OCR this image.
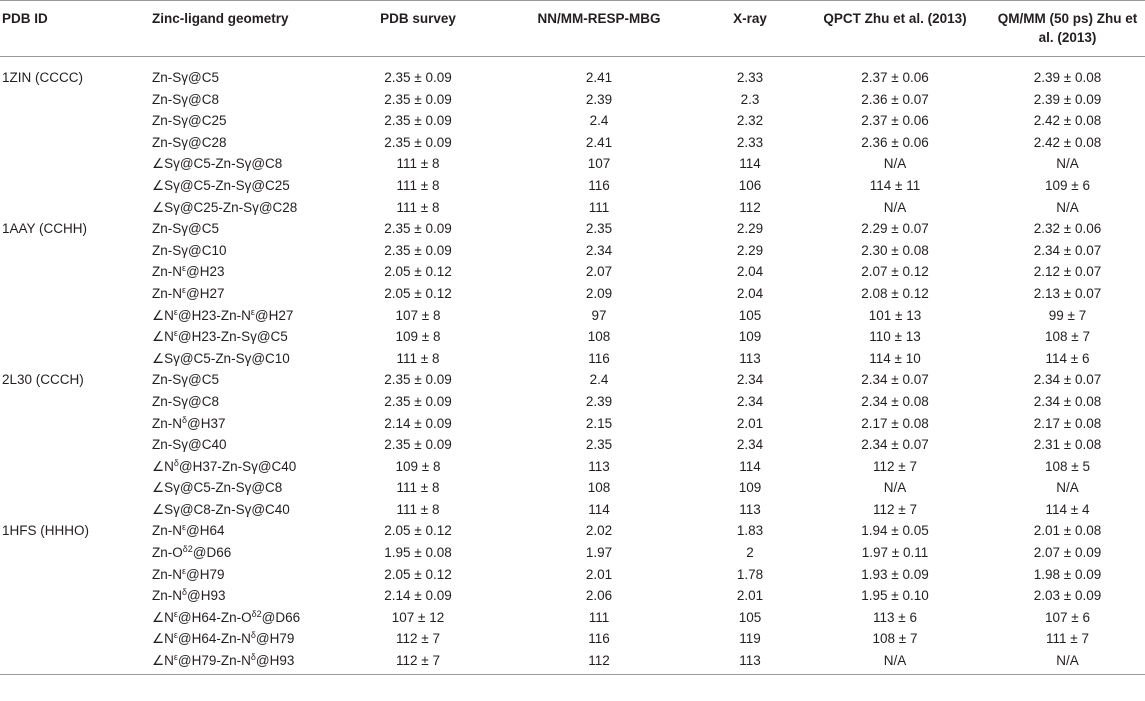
PDB ID	Zinc-ligand geometry	PDB survey	NN/MM-RESP-MBG	X-ray	QPCT Zhu et al. (2013)	QM/MM (50 ps) Zhu et al. (2013)
1ZIN (CCCC)	Zn-Sγ@C5	2.35 ± 0.09	2.41	2.33	2.37 ± 0.06	2.39 ± 0.08
	Zn-Sγ@C8	2.35 ± 0.09	2.39	2.3	2.36 ± 0.07	2.39 ± 0.09
	Zn-Sγ@C25	2.35 ± 0.09	2.4	2.32	2.37 ± 0.06	2.42 ± 0.08
	Zn-Sγ@C28	2.35 ± 0.09	2.41	2.33	2.36 ± 0.06	2.42 ± 0.08
	∠Sγ@C5-Zn-Sγ@C8	111 ± 8	107	114	N/A	N/A
	∠Sγ@C5-Zn-Sγ@C25	111 ± 8	116	106	114 ± 11	109 ± 6
	∠Sγ@C25-Zn-Sγ@C28	111 ± 8	111	112	N/A	N/A
1AAY (CCHH)	Zn-Sγ@C5	2.35 ± 0.09	2.35	2.29	2.29 ± 0.07	2.32 ± 0.06
	Zn-Sγ@C10	2.35 ± 0.09	2.34	2.29	2.30 ± 0.08	2.34 ± 0.07
	$Zn-N^\varepsilon@H23$	2.05 ± 0.12	2.07	2.04	2.07 ± 0.12	2.12 ± 0.07
	$Zn-N^\varepsilon@H27$	2.05 ± 0.12	2.09	2.04	2.08 ± 0.12	2.13 ± 0.07
	$\angle N^\varepsilon@H23-Zn-N^\varepsilon@H27$	107 ± 8	97	105	101 ± 13	99 ± 7
	$\angle N^\varepsilon@H23-Zn-S\gamma@C5$	109 ± 8	108	109	110 ± 13	108 ± 7
	∠Sγ@C5-Zn-Sγ@C10	111 ± 8	116	113	114 ± 10	114 ± 6
2L30 (CCCH)	Zn-Sγ@C5	2.35 ± 0.09	2.4	2.34	2.34 ± 0.07	2.34 ± 0.07
	Zn-Sγ@C8	2.35 ± 0.09	2.39	2.34	2.34 ± 0.08	2.34 ± 0.08
	$Zn-N^\delta@H37$	2.14 ± 0.09	2.15	2.01	2.17 ± 0.08	2.17 ± 0.08
	Zn-Sγ@C40	2.35 ± 0.09	2.35	2.34	2.34 ± 0.07	2.31 ± 0.08
	$\angle N^\delta@H37-Zn-S\gamma@C40$	109 ± 8	113	114	112 ± 7	108 ± 5
	∠Sγ@C5-Zn-Sγ@C8	111 ± 8	108	109	N/A	N/A
	∠Sγ@C8-Zn-Sγ@C40	111 ± 8	114	113	112 ± 7	114 ± 4
1HFS (HHHO)	$Zn-N^\varepsilon@H64$	2.05 ± 0.12	2.02	1.83	1.94 ± 0.05	2.01 ± 0.08
	$Zn-O^{\delta 2}@D66$	1.95 ± 0.08	1.97	2	1.97 ± 0.11	2.07 ± 0.09
	$Zn-N^\varepsilon@H79$	2.05 ± 0.12	2.01	1.78	1.93 ± 0.09	1.98 ± 0.09
	$Zn-N^\delta@H93$	2.14 ± 0.09	2.06	2.01	1.95 ± 0.10	2.03 ± 0.09
	$\angle N^\varepsilon@H64-Zn-O^{\delta 2}@D66$	107 ± 12	111	105	113 ± 6	107 ± 6
	$\angle N^\varepsilon@H64-Zn-N^\delta@H79$	112 ± 7	116	119	108 ± 7	111 ± 7
	$\angle N^\varepsilon@H79-Zn-N^\delta@H93$	112 ± 7	112	113	N/A	N/A
